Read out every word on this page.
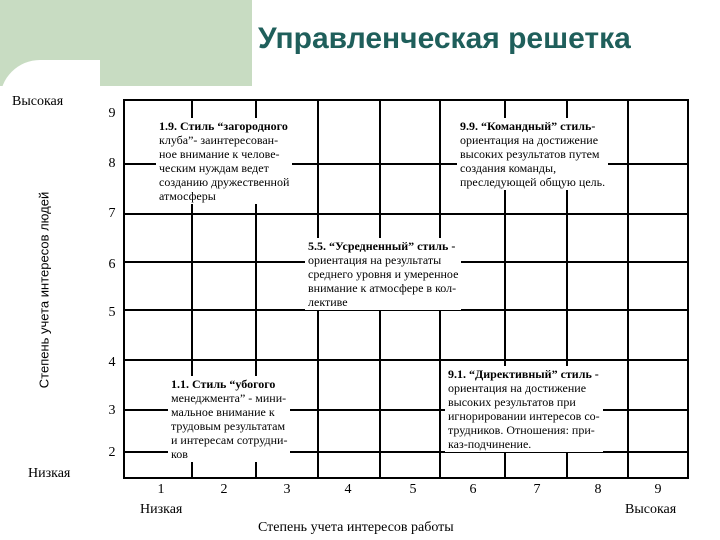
Управленческая решетка
Высокая
Низкая
Степень учета интересов людей
9
8
7
6
5
4
3
2
1	2	3	4	5	6	7	8	9
Низкая	Высокая
Степень учета интересов работы
1.9. Стиль “загородного
клуба”- заинтересован-
ное внимание к челове-
ческим нуждам ведет
созданию дружественной
атмосферы
9.9. “Командный” стиль-
ориентация на достижение
высоких результатов путем
создания команды,
преследующей общую цель.
5.5. “Усредненный” стиль -
ориентация на результаты
среднего уровня и умеренное
внимание к атмосфере в кол-
лективе
1.1. Стиль “убогого
менеджмента” - мини-
мальное внимание к
трудовым результатам
и интересам сотрудни-
ков
9.1. “Директивный” стиль -
ориентация на достижение
высоких результатов при
игнорировании интересов со-
трудников. Отношения: при-
каз-подчинение.
